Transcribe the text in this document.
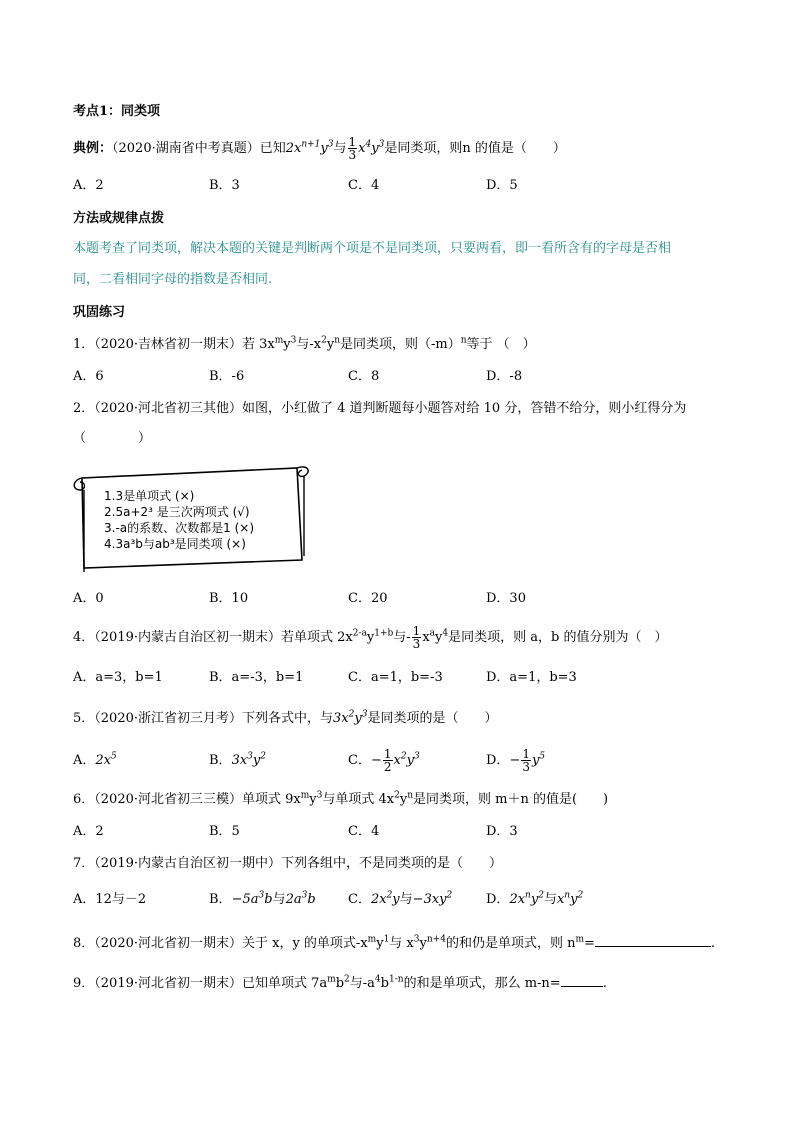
考点1：同类项
典例：（2020·湖南省中考真题）已知$2x^{n+1}y^3$与 $\frac{1}{3} x^4y^3$是同类项，则n 的值是（　　）
A．2	B．3	C．4	D．5
方法或规律点拨
本题考查了同类项，解决本题的关键是判断两个项是不是同类项，只要两看，即一看所含有的字母是否相
同，二看相同字母的指数是否相同.
巩固练习
1．（2020·吉林省初一期末）若 $3x^my^3$与$-x^2y^n$是同类项，则$(-m)^n$等于 （　）
A．6	B．-6	C．8	D．-8
2．（2020·河北省初三其他）如图，小红做了 4 道判断题每小题答对给 10 分，答错不给分，则小红得分为
（　　　　）
1.3是单项式 (×)
2.5a+2³ 是三次两项式 (√)
3.-a的系数、次数都是1 (×)
4.3a³b与ab³是同类项 (×)
A．0	B．10	C．20	D．30
4．（2019·内蒙古自治区初一期末）若单项式 $2x^{2-a}y^{1+b}$与- $\frac{1}{3} x^ay^4$是同类项，则 a，b 的值分别为（　）
A．a=3，b=1	B．a=-3，b=1	C．a=1，b=-3	D．a=1，b=3
5．（2020·浙江省初三月考）下列各式中，与$3x^2y^3$是同类项的是（　　）
A．$2x^5$	B．$3x^3y^2$	C．− $\frac{1}{2} x^2y^3$	D．− $\frac{1}{3} y^5$
6．（2020·河北省初三三模）单项式 $9x^my^3$与单项式 $4x^2y^n$是同类项，则 m＋n 的值是(　　)
A．2	B．5	C．4	D．3
7．（2019·内蒙古自治区初一期中）下列各组中，不是同类项的是（　　）
A．12与－2	B．$-5a^3b$与$2a^3b$ C．$2x^2y$与$-3xy^2$	D．$2x^ny^2$与$x^ny^2$
8．（2020·河北省初一期末）关于 x，y 的单项式$-x^my^1$与 $x^3y^{n+4}$的和仍是单项式，则 $n^m=$	.
9．（2019·河北省初一期末）已知单项式 $7a^mb^2$与$-a^4b^{1-n}$的和是单项式，那么 m-n=	.
